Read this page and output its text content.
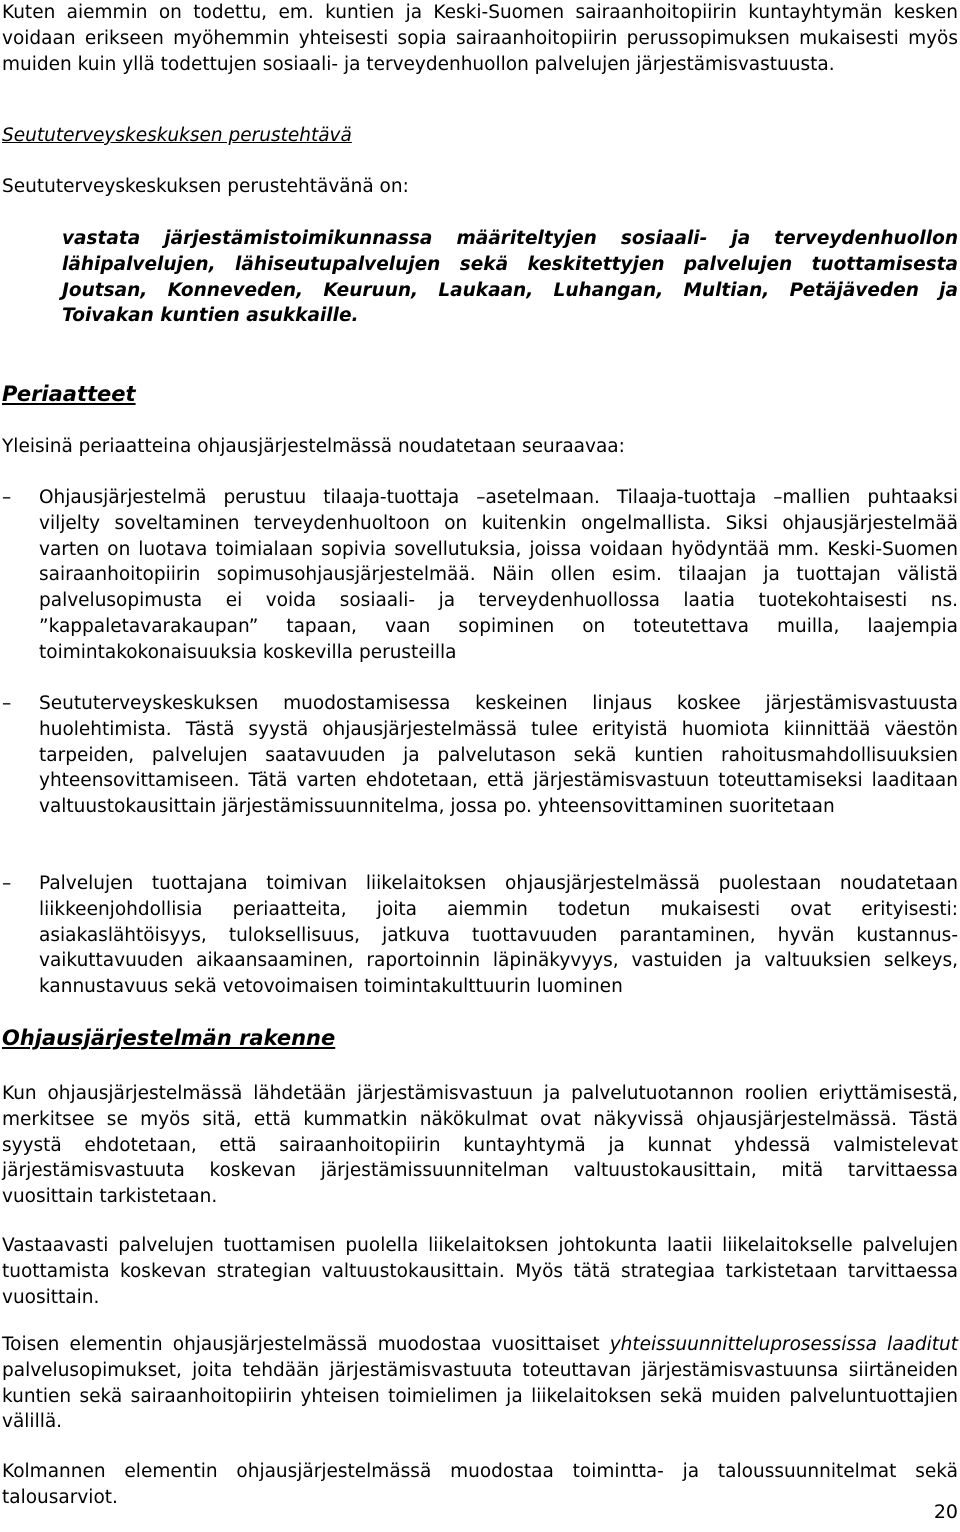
Kuten aiemmin on todettu, em. kuntien ja Keski-Suomen sairaanhoitopiirin kuntayhtymän kesken voidaan erikseen myöhemmin yhteisesti sopia sairaanhoitopiirin perussopimuksen mukaisesti myös muiden kuin yllä todettujen sosiaali- ja terveydenhuollon palvelujen järjestämisvastuusta.

Seututerveyskeskuksen perustehtävä

Seututerveyskeskuksen perustehtävänä on:

vastata järjestämistoimikunnassa määriteltyjen sosiaali- ja terveydenhuollon lähipalvelujen, lähiseutupalvelujen sekä keskitettyjen palvelujen tuottamisesta Joutsan, Konneveden, Keuruun, Laukaan, Luhangan, Multian, Petäjäveden ja Toivakan kuntien asukkaille.

Periaatteet

Yleisinä periaatteina ohjausjärjestelmässä noudatetaan seuraavaa:

– Ohjausjärjestelmä perustuu tilaaja-tuottaja –asetelmaan. Tilaaja-tuottaja –mallien puhtaaksi viljelty soveltaminen terveydenhuoltoon on kuitenkin ongelmallista. Siksi ohjausjärjestelmää varten on luotava toimialaan sopivia sovellutuksia, joissa voidaan hyödyntää mm. Keski-Suomen sairaanhoitopiirin sopimusohjausjärjestelmää. Näin ollen esim. tilaajan ja tuottajan välistä palvelusopimusta ei voida sosiaali- ja terveydenhuollossa laatia tuotekohtaisesti ns. ”kappaletavarakaupan” tapaan, vaan sopiminen on toteutettava muilla, laajempia toimintakokonaisuuksia koskevilla perusteilla

– Seututerveyskeskuksen muodostamisessa keskeinen linjaus koskee järjestämisvastuusta huolehtimista. Tästä syystä ohjausjärjestelmässä tulee erityistä huomiota kiinnittää väestön tarpeiden, palvelujen saatavuuden ja palvelutason sekä kuntien rahoitusmahdollisuuksien yhteensovittamiseen. Tätä varten ehdotetaan, että järjestämisvastuun toteuttamiseksi laaditaan valtuustokausittain järjestämissuunnitelma, jossa po. yhteensovittaminen suoritetaan

– Palvelujen tuottajana toimivan liikelaitoksen ohjausjärjestelmässä puolestaan noudatetaan liikkeenjohdollisia periaatteita, joita aiemmin todetun mukaisesti ovat erityisesti: asiakaslähtöisyys, tuloksellisuus, jatkuva tuottavuuden parantaminen, hyvän kustannus-vaikuttavuuden aikaansaaminen, raportoinnin läpinäkyvyys, vastuiden ja valtuuksien selkeys, kannustavuus sekä vetovoimaisen toimintakulttuurin luominen

Ohjausjärjestelmän rakenne

Kun ohjausjärjestelmässä lähdetään järjestämisvastuun ja palvelutuotannon roolien eriyttämisestä, merkitsee se myös sitä, että kummatkin näkökulmat ovat näkyvissä ohjausjärjestelmässä. Tästä syystä ehdotetaan, että sairaanhoitopiirin kuntayhtymä ja kunnat yhdessä valmistelevat järjestämisvastuuta koskevan järjestämissuunnitelman valtuustokausittain, mitä tarvittaessa vuosittain tarkistetaan.

Vastaavasti palvelujen tuottamisen puolella liikelaitoksen johtokunta laatii liikelaitokselle palvelujen tuottamista koskevan strategian valtuustokausittain. Myös tätä strategiaa tarkistetaan tarvittaessa vuosittain.

Toisen elementin ohjausjärjestelmässä muodostaa vuosittaiset yhteissuunnitteluprosessissa laaditut palvelusopimukset, joita tehdään järjestämisvastuuta toteuttavan järjestämisvastuunsa siirtäneiden kuntien sekä sairaanhoitopiirin yhteisen toimielimen ja liikelaitoksen sekä muiden palveluntuottajien välillä.

Kolmannen elementin ohjausjärjestelmässä muodostaa toimintta- ja taloussuunnitelmat sekä talousarviot.

20
